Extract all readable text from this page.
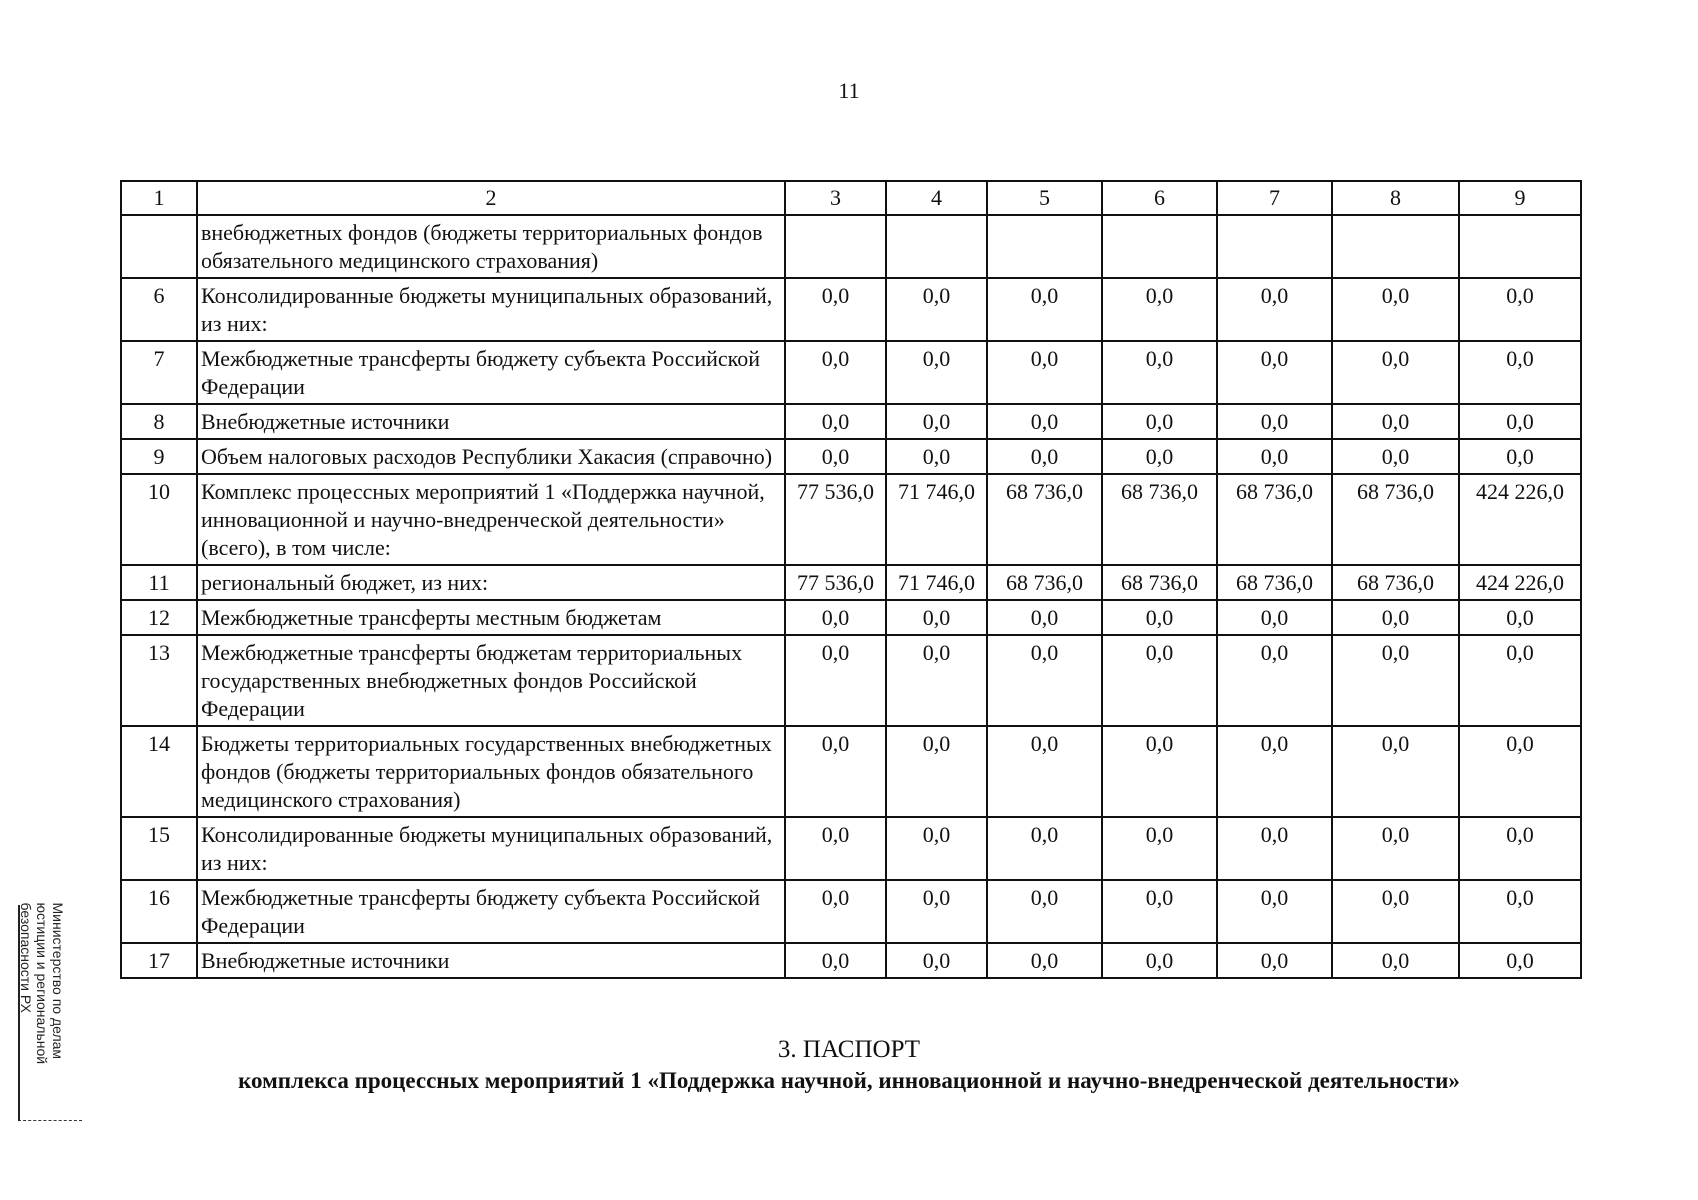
11
1	2	3	4	5	6	7	8	9
	внебюджетных фондов (бюджеты территориальных фондов обязательного медицинского страхования)							
6	Консолидированные бюджеты муниципальных образований, из них:	0,0	0,0	0,0	0,0	0,0	0,0	0,0
7	Межбюджетные трансферты бюджету субъекта Российской Федерации	0,0	0,0	0,0	0,0	0,0	0,0	0,0
8	Внебюджетные источники	0,0	0,0	0,0	0,0	0,0	0,0	0,0
9	Объем налоговых расходов Республики Хакасия (справочно)	0,0	0,0	0,0	0,0	0,0	0,0	0,0
10	Комплекс процессных мероприятий 1 «Поддержка научной, инновационной и научно-внедренческой деятельности» (всего), в том числе:	77 536,0	71 746,0	68 736,0	68 736,0	68 736,0	68 736,0	424 226,0
11	региональный бюджет, из них:	77 536,0	71 746,0	68 736,0	68 736,0	68 736,0	68 736,0	424 226,0
12	Межбюджетные трансферты местным бюджетам	0,0	0,0	0,0	0,0	0,0	0,0	0,0
13	Межбюджетные трансферты бюджетам территориальных государственных внебюджетных фондов Российской Федерации	0,0	0,0	0,0	0,0	0,0	0,0	0,0
14	Бюджеты территориальных государственных внебюджетных фондов (бюджеты территориальных фондов обязательного медицинского страхования)	0,0	0,0	0,0	0,0	0,0	0,0	0,0
15	Консолидированные бюджеты муниципальных образований, из них:	0,0	0,0	0,0	0,0	0,0	0,0	0,0
16	Межбюджетные трансферты бюджету субъекта Российской Федерации	0,0	0,0	0,0	0,0	0,0	0,0	0,0
17	Внебюджетные источники	0,0	0,0	0,0	0,0	0,0	0,0	0,0
3. ПАСПОРТ
комплекса процессных мероприятий 1 «Поддержка научной, инновационной и научно-внедренческой деятельности»
Министерство по делам юстиции и региональной безопасности РХ
